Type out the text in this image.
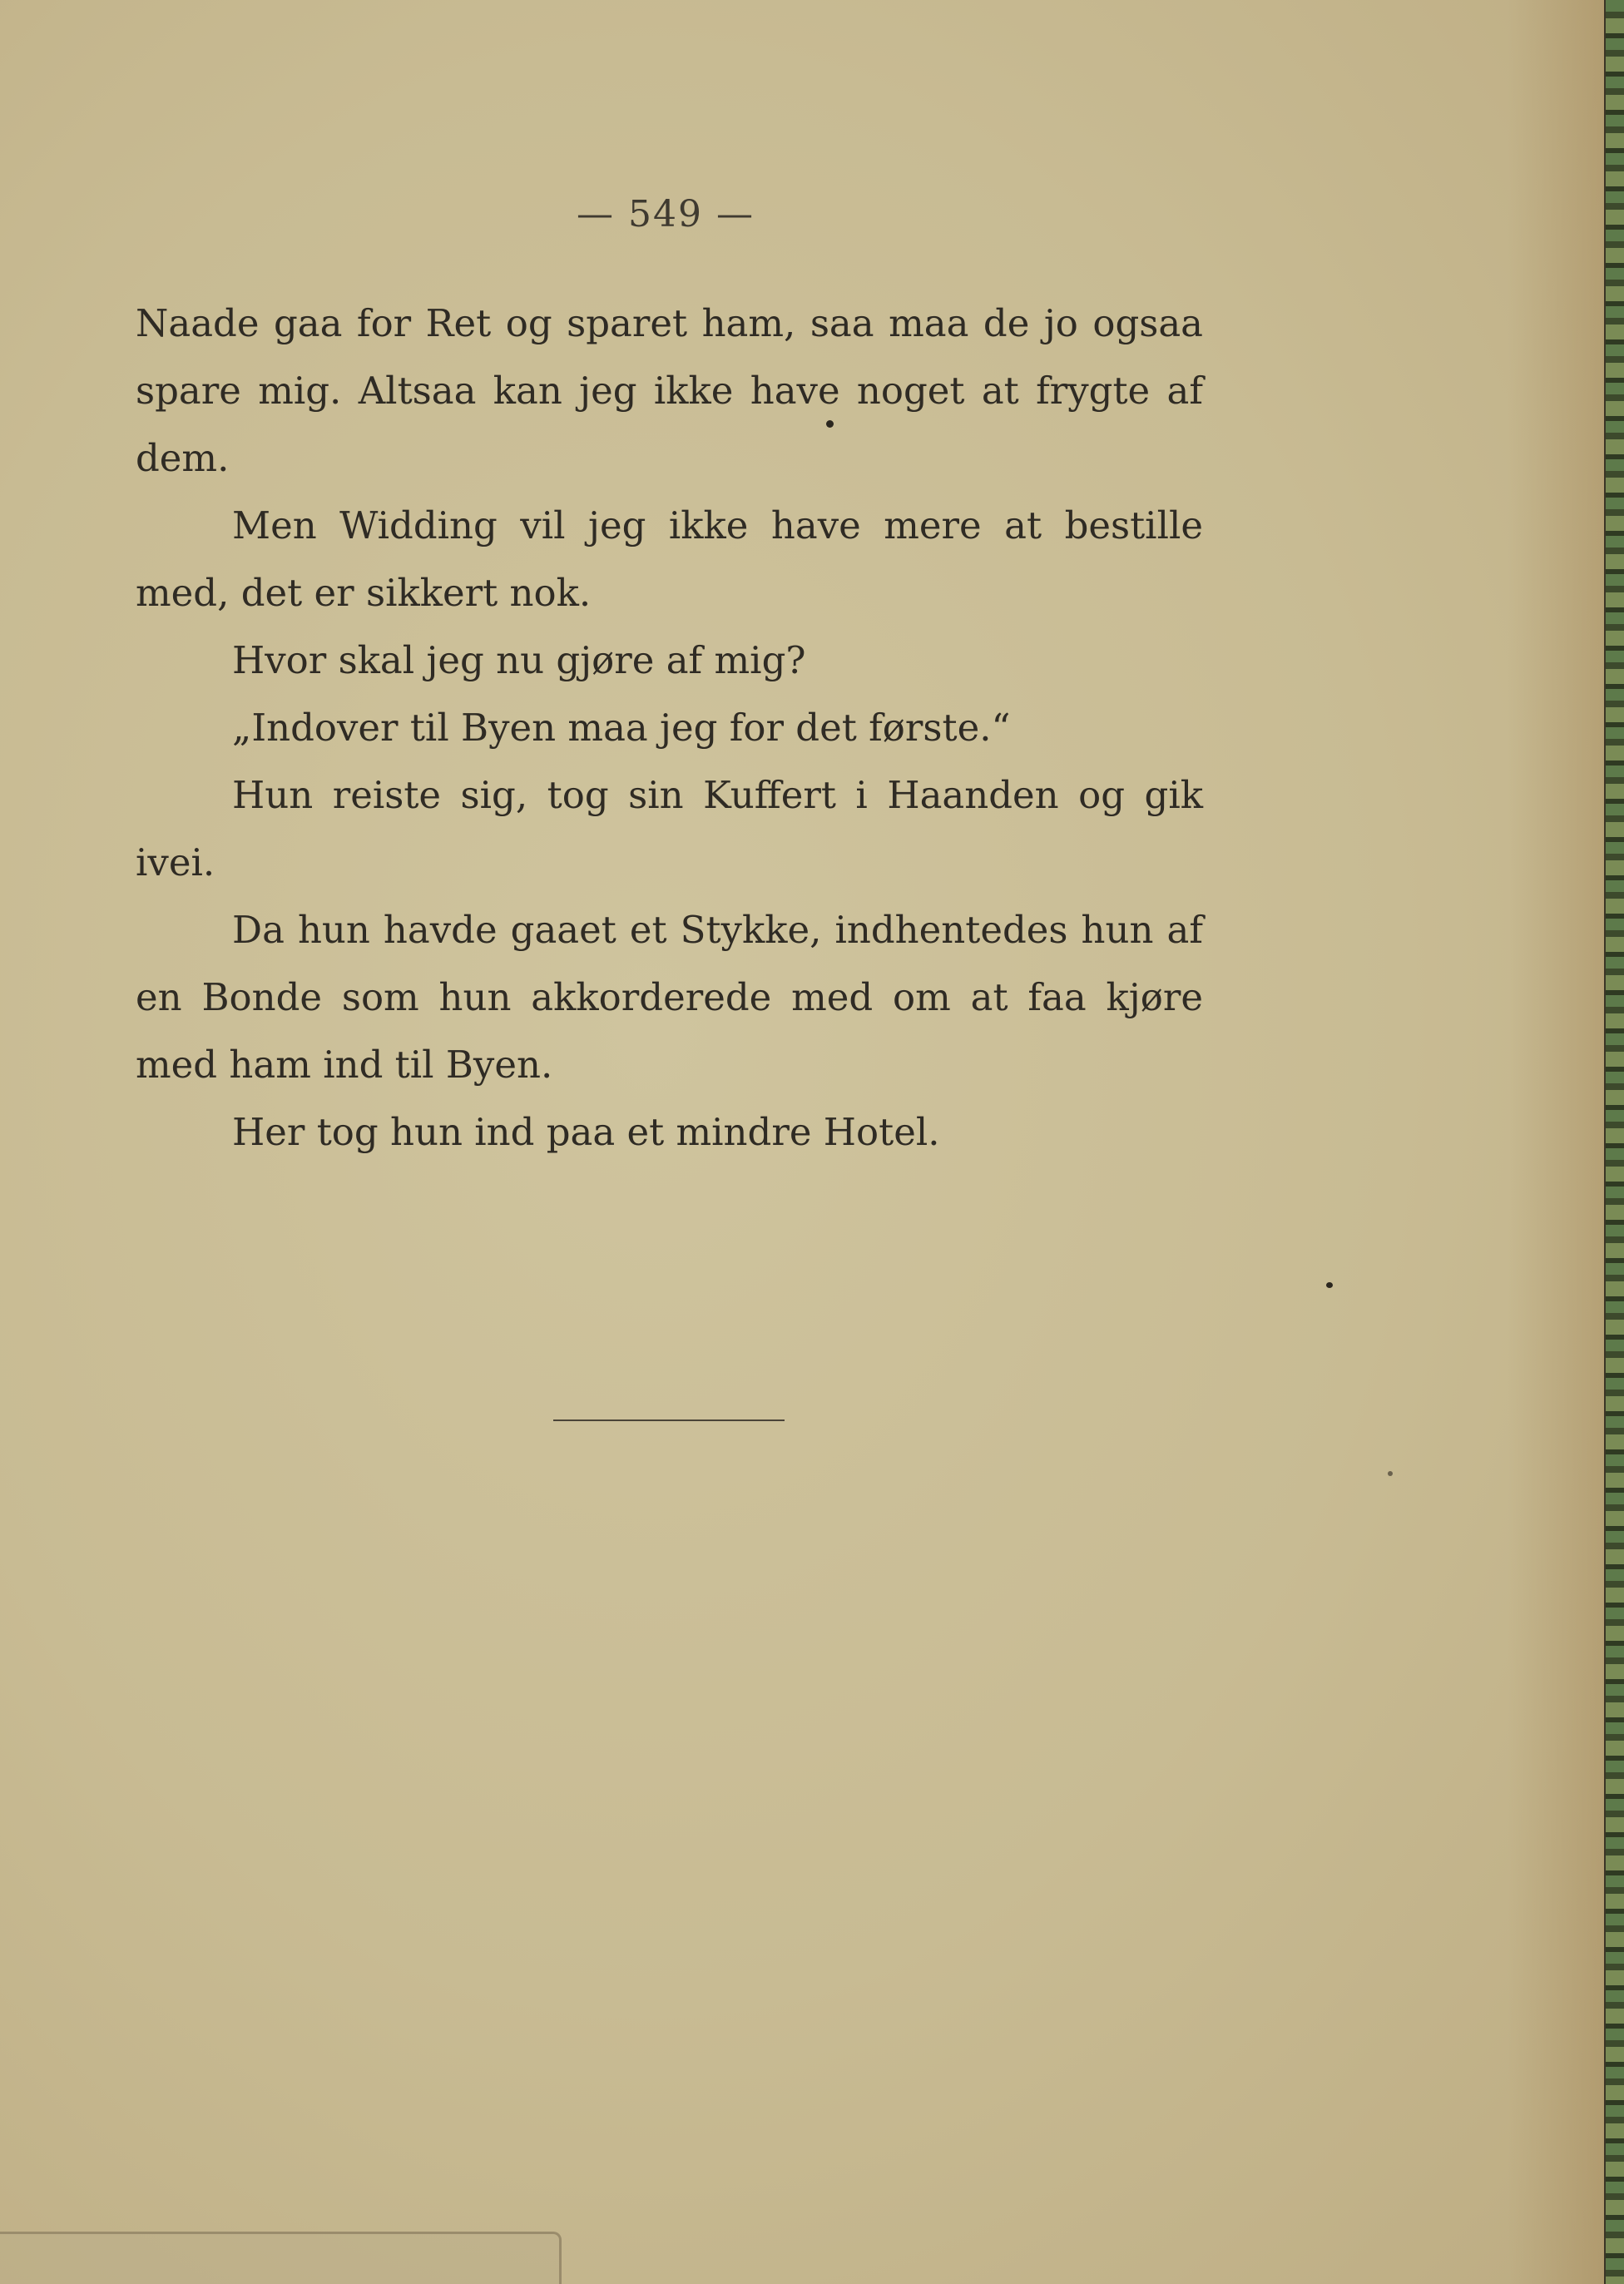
— 549 —

Naade gaa for Ret og sparet ham, saa maa de jo ogsaa spare mig. Altsaa kan jeg ikke have noget at frygte af dem.

Men Widding vil jeg ikke have mere at bestille med, det er sikkert nok.

Hvor skal jeg nu gjøre af mig?

„Indover til Byen maa jeg for det første.“

Hun reiste sig, tog sin Kuffert i Haanden og gik ivei.

Da hun havde gaaet et Stykke, indhentedes hun af en Bonde som hun akkorderede med om at faa kjøre med ham ind til Byen.

Her tog hun ind paa et mindre Hotel.
